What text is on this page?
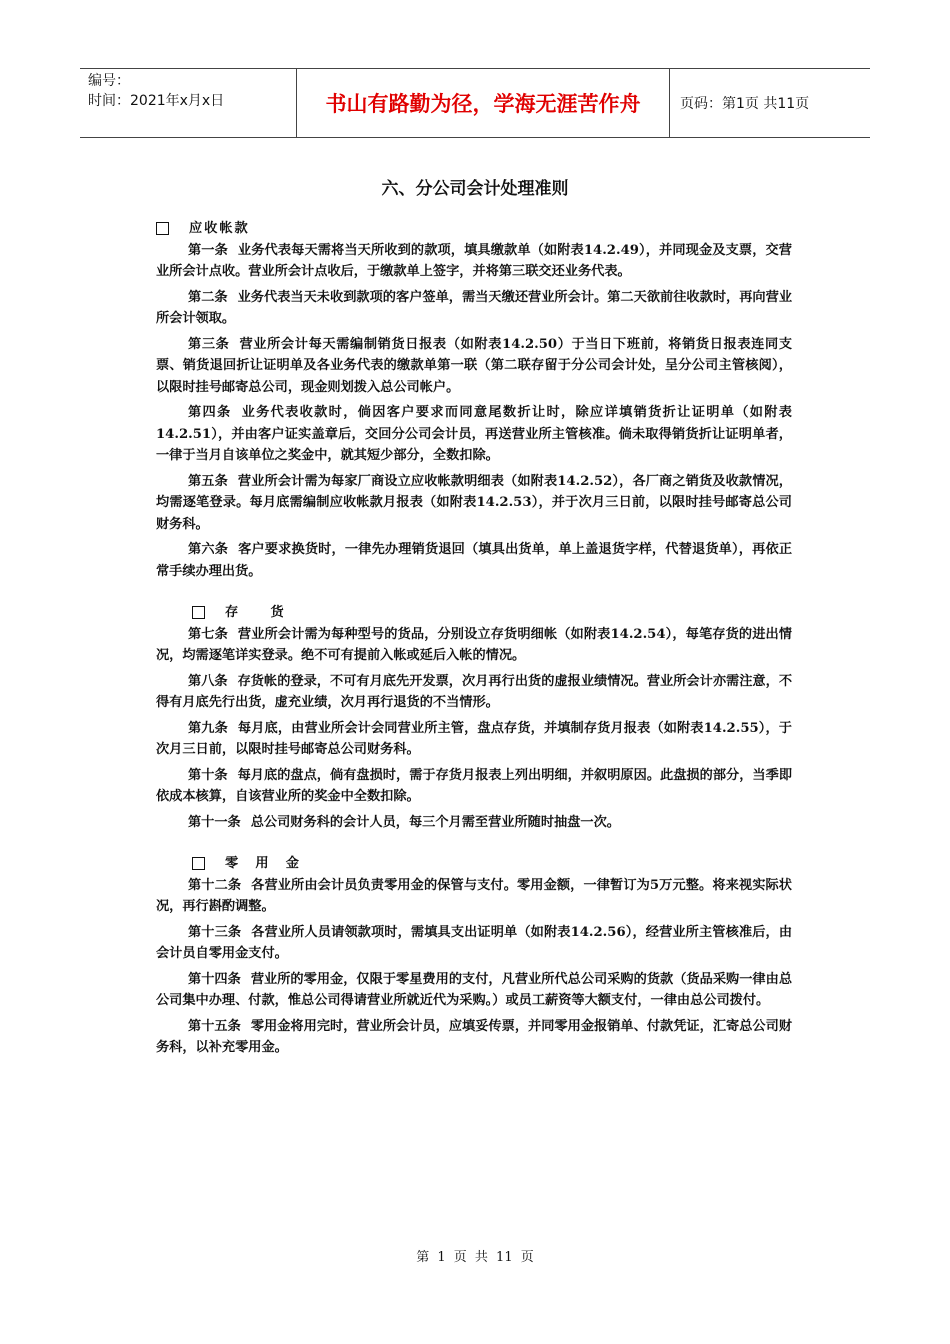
编号：
时间：2021年x月x日	书山有路勤为径，学海无涯苦作舟	页码：第1页 共11页
六、分公司会计处理准则
应收帐款

第一条 业务代表每天需将当天所收到的款项，填具缴款单（如附表14.2.49），并同现金及支票，交营业所会计点收。营业所会计点收后，于缴款单上签字，并将第三联交还业务代表。

第二条 业务代表当天未收到款项的客户签单，需当天缴还营业所会计。第二天欲前往收款时，再向营业所会计领取。

第三条 营业所会计每天需编制销货日报表（如附表14.2.50）于当日下班前，将销货日报表连同支票、销货退回折让证明单及各业务代表的缴款单第一联（第二联存留于分公司会计处，呈分公司主管核阅），以限时挂号邮寄总公司，现金则划拨入总公司帐户。

第四条 业务代表收款时，倘因客户要求而同意尾数折让时，除应详填销货折让证明单（如附表14.2.51），并由客户证实盖章后，交回分公司会计员，再送营业所主管核准。倘未取得销货折让证明单者，一律于当月自该单位之奖金中，就其短少部分，全数扣除。

第五条 营业所会计需为每家厂商设立应收帐款明细表（如附表14.2.52），各厂商之销货及收款情况，均需逐笔登录。每月底需编制应收帐款月报表（如附表14.2.53），并于次月三日前，以限时挂号邮寄总公司财务科。

第六条 客户要求换货时，一律先办理销货退回（填具出货单，单上盖退货字样，代替退货单），再依正常手续办理出货。

存　　货

第七条 营业所会计需为每种型号的货品，分别设立存货明细帐（如附表14.2.54），每笔存货的进出情况，均需逐笔详实登录。绝不可有提前入帐或延后入帐的情况。

第八条 存货帐的登录，不可有月底先开发票，次月再行出货的虚报业绩情况。营业所会计亦需注意，不得有月底先行出货，虚充业绩，次月再行退货的不当情形。

第九条 每月底，由营业所会计会同营业所主管，盘点存货，并填制存货月报表（如附表14.2.55），于次月三日前，以限时挂号邮寄总公司财务科。

第十条 每月底的盘点，倘有盘损时，需于存货月报表上列出明细，并叙明原因。此盘损的部分，当季即依成本核算，自该营业所的奖金中全数扣除。

第十一条 总公司财务科的会计人员，每三个月需至营业所随时抽盘一次。

零　用　金

第十二条 各营业所由会计员负责零用金的保管与支付。零用金额，一律暂订为5万元整。将来视实际状况，再行斟酌调整。

第十三条 各营业所人员请领款项时，需填具支出证明单（如附表14.2.56），经营业所主管核准后，由会计员自零用金支付。

第十四条 营业所的零用金，仅限于零星费用的支付，凡营业所代总公司采购的货款（货品采购一律由总公司集中办理、付款，惟总公司得请营业所就近代为采购。）或员工薪资等大额支付，一律由总公司拨付。

第十五条 零用金将用完时，营业所会计员，应填妥传票，并同零用金报销单、付款凭证，汇寄总公司财务科，以补充零用金。

第 1 页 共 11 页
